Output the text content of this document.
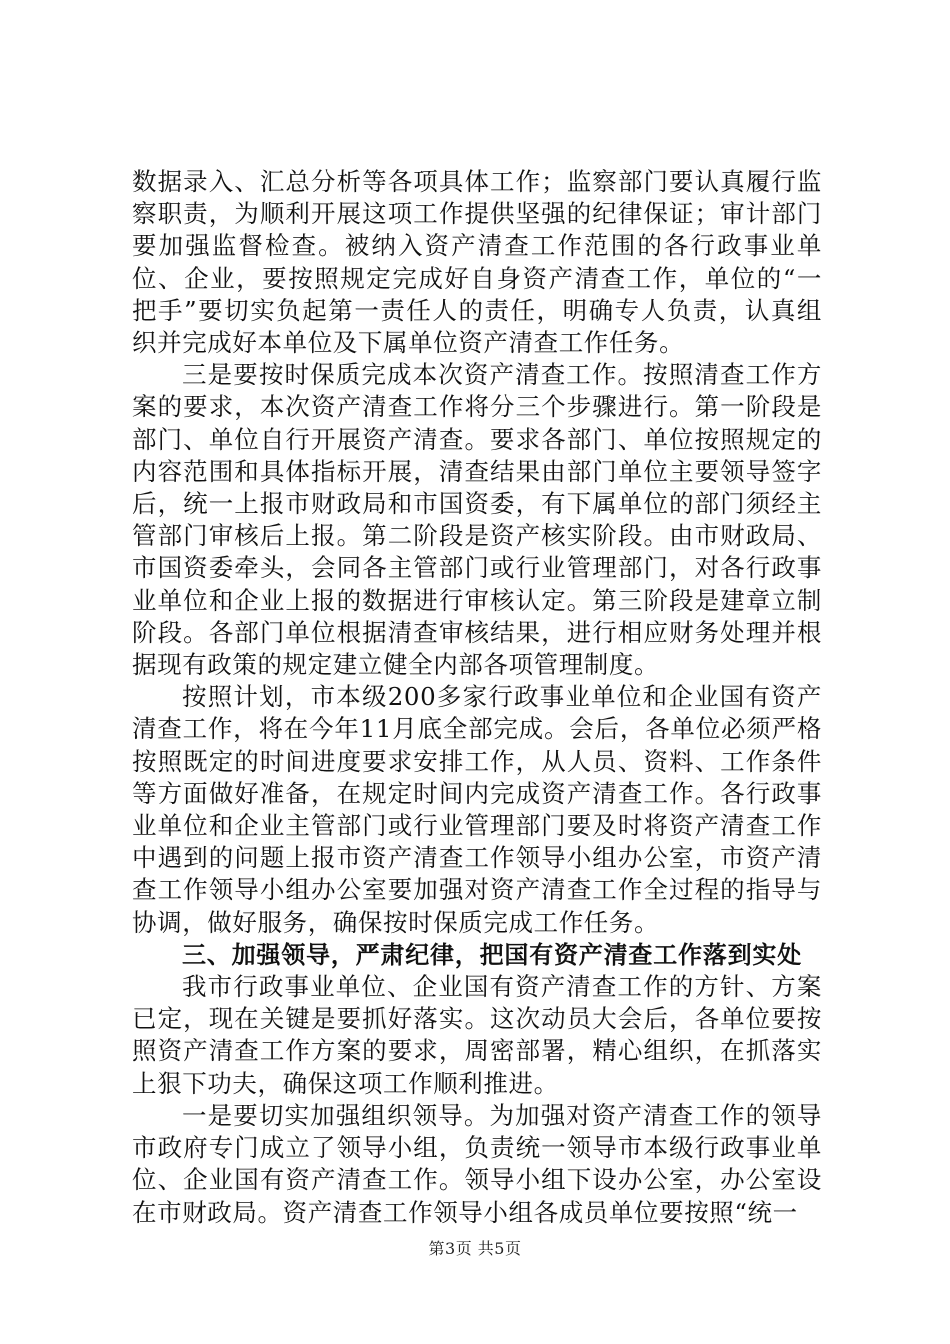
数据录入、汇总分析等各项具体工作；监察部门要认真履行监察职责，为顺利开展这项工作提供坚强的纪律保证；审计部门要加强监督检查。被纳入资产清查工作范围的各行政事业单位、企业，要按照规定完成好自身资产清查工作，单位的“一把手”要切实负起第一责任人的责任，明确专人负责，认真组织并完成好本单位及下属单位资产清查工作任务。

三是要按时保质完成本次资产清查工作。按照清查工作方案的要求，本次资产清查工作将分三个步骤进行。第一阶段是部门、单位自行开展资产清查。要求各部门、单位按照规定的内容范围和具体指标开展，清查结果由部门单位主要领导签字后，统一上报市财政局和市国资委，有下属单位的部门须经主管部门审核后上报。第二阶段是资产核实阶段。由市财政局、市国资委牵头，会同各主管部门或行业管理部门，对各行政事业单位和企业上报的数据进行审核认定。第三阶段是建章立制阶段。各部门单位根据清查审核结果，进行相应财务处理并根据现有政策的规定建立健全内部各项管理制度。

按照计划，市本级200多家行政事业单位和企业国有资产清查工作，将在今年11月底全部完成。会后，各单位必须严格按照既定的时间进度要求安排工作，从人员、资料、工作条件等方面做好准备，在规定时间内完成资产清查工作。各行政事业单位和企业主管部门或行业管理部门要及时将资产清查工作中遇到的问题上报市资产清查工作领导小组办公室，市资产清查工作领导小组办公室要加强对资产清查工作全过程的指导与协调，做好服务，确保按时保质完成工作任务。

三、加强领导，严肃纪律，把国有资产清查工作落到实处

我市行政事业单位、企业国有资产清查工作的方针、方案已定，现在关键是要抓好落实。这次动员大会后，各单位要按照资产清查工作方案的要求，周密部署，精心组织，在抓落实上狠下功夫，确保这项工作顺利推进。

一是要切实加强组织领导。为加强对资产清查工作的领导市政府专门成立了领导小组，负责统一领导市本级行政事业单位、企业国有资产清查工作。领导小组下设办公室，办公室设在市财政局。资产清查工作领导小组各成员单位要按照“统一

第3页 共5页
